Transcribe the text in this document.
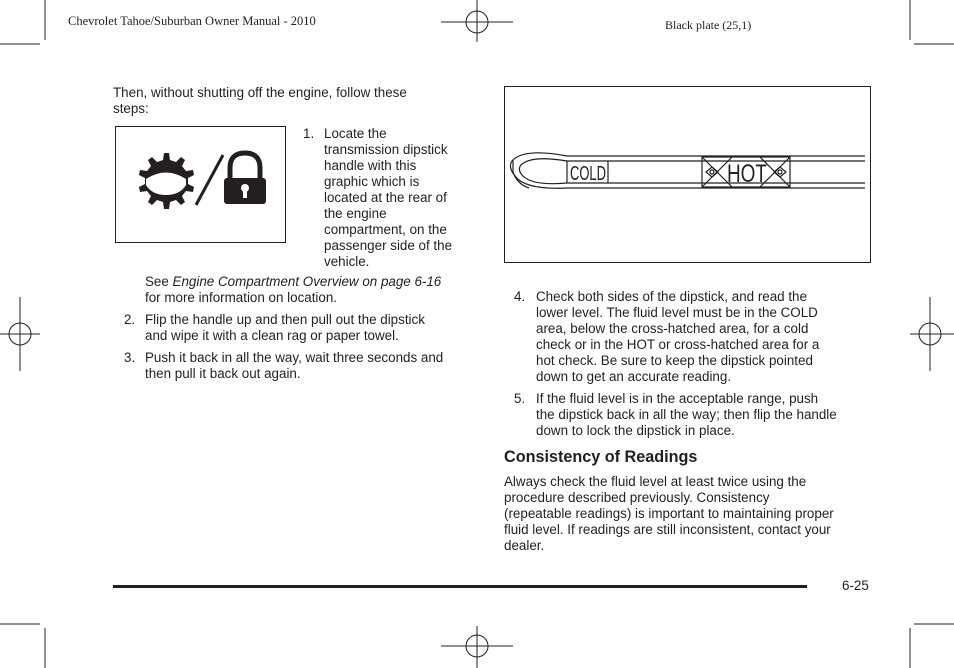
Chevrolet Tahoe/Suburban Owner Manual - 2010	Black plate (25,1)
Then, without shutting off the engine, follow these
steps:
1. Locate the
transmission dipstick
handle with this
graphic which is
located at the rear of
the engine
compartment, on the
passenger side of the
vehicle.
See Engine Compartment Overview on page 6-16
for more information on location.
2. Flip the handle up and then pull out the dipstick
and wipe it with a clean rag or paper towel.
3. Push it back in all the way, wait three seconds and
then pull it back out again.
COLD	HOT
4. Check both sides of the dipstick, and read the
lower level. The fluid level must be in the COLD
area, below the cross-hatched area, for a cold
check or in the HOT or cross-hatched area for a
hot check. Be sure to keep the dipstick pointed
down to get an accurate reading.
5. If the fluid level is in the acceptable range, push
the dipstick back in all the way; then flip the handle
down to lock the dipstick in place.
Consistency of Readings
Always check the fluid level at least twice using the
procedure described previously. Consistency
(repeatable readings) is important to maintaining proper
fluid level. If readings are still inconsistent, contact your
dealer.
6-25
